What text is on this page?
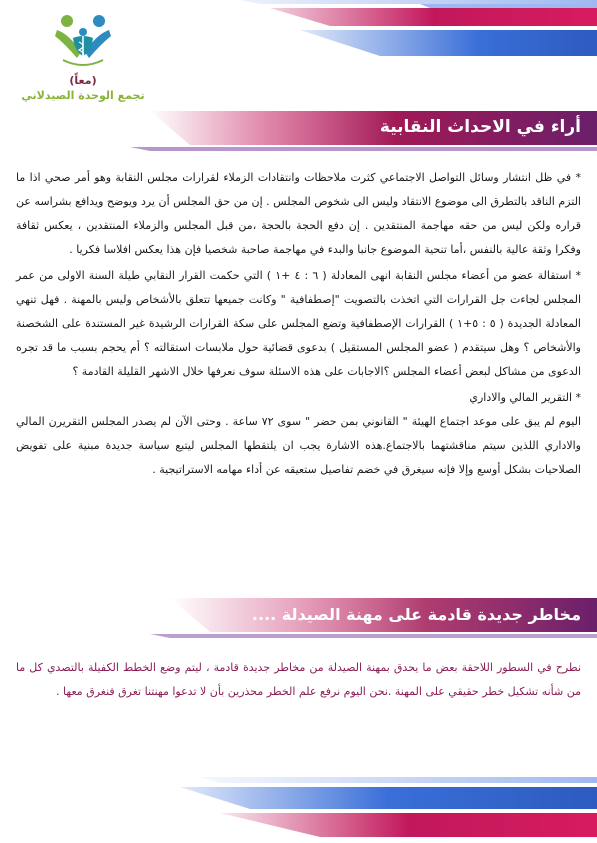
(معاً)
تجمع الوحدة الصيدلاني
أراء في الاحداث النقابية

* في ظل انتشار وسائل التواصل الاجتماعي كثرت ملاحظات وانتقادات الزملاء لقرارات مجلس النقابة وهو أمر صحي اذا ما التزم الناقد بالتطرق الى موضوع الانتقاد وليس الى شخوص المجلس . إن من حق المجلس أن يرد ويوضح ويدافع بشراسه عن قراره ولكن ليس من حقه مهاجمة المنتقدين . إن دفع الحجة بالحجة ،من قبل المجلس والزملاء المنتقدين ، يعكس ثقافة وفكرا وثقة عالية بالنفس ،أما تنحية الموضوع جانبا والبدء في مهاجمة صاحبة شخصيا فإن هذا يعكس افلاسا فكريا .

* استقالة عضو من أعضاء مجلس النقابة انهى المعادلة ( ٦ : ٤ +١ ) التي حكمت القرار النقابي طيلة السنة الاولى من عمر المجلس لجاءت جل القرارات التي اتخذت بالتصويت "إصطفافية " وكانت جميعها تتعلق بالأشخاص وليس بالمهنة . فهل تنهي المعادلة الجديدة ( ٥ : ٥+١ ) القرارات الإصطفافية وتضع المجلس على سكة القرارات الرشيدة غير المستندة على الشخصنة والأشخاص ؟ وهل سيتقدم ( عضو المجلس المستقيل ) بدعوى قضائية حول ملابسات استقالته ؟ أم يحجم بسبب ما قد تجره الدعوى من مشاكل لبعض أعضاء المجلس ؟الاجابات على هذه الاسئلة سوف نعرفها خلال الاشهر القليلة القادمة ؟

* التقرير المالي والاداري

اليوم لم يبق على موعد اجتماع الهيئة " القانوني بمن حضر " سوى ٧٢ ساعة . وحتى الآن لم يصدر المجلس التقريرن المالي والاداري اللذين سيتم مناقشتهما بالاجتماع.هذه الاشارة يجب ان يلتقطها المجلس ليتبع سياسة جديدة مبنية على تفويض الصلاحيات بشكل أوسع وإلا فإنه سيغرق في خضم تفاصيل ستعيقه عن أداء مهامه الاستراتيجية .

مخاطر جديدة قادمة على مهنة الصيدلة ....

نطرح في السطور اللاحقة بعض ما يحدق بمهنة الصيدلة من مخاطر جديدة قادمة ، ليتم وضع الخطط الكفيلة بالتصدي كل ما من شأنه تشكيل خطر حقيقي على المهنة .نحن اليوم نرفع علم الخطر محذرين بأن لا تدعوا مهنتنا تغرق فنغرق معها .
